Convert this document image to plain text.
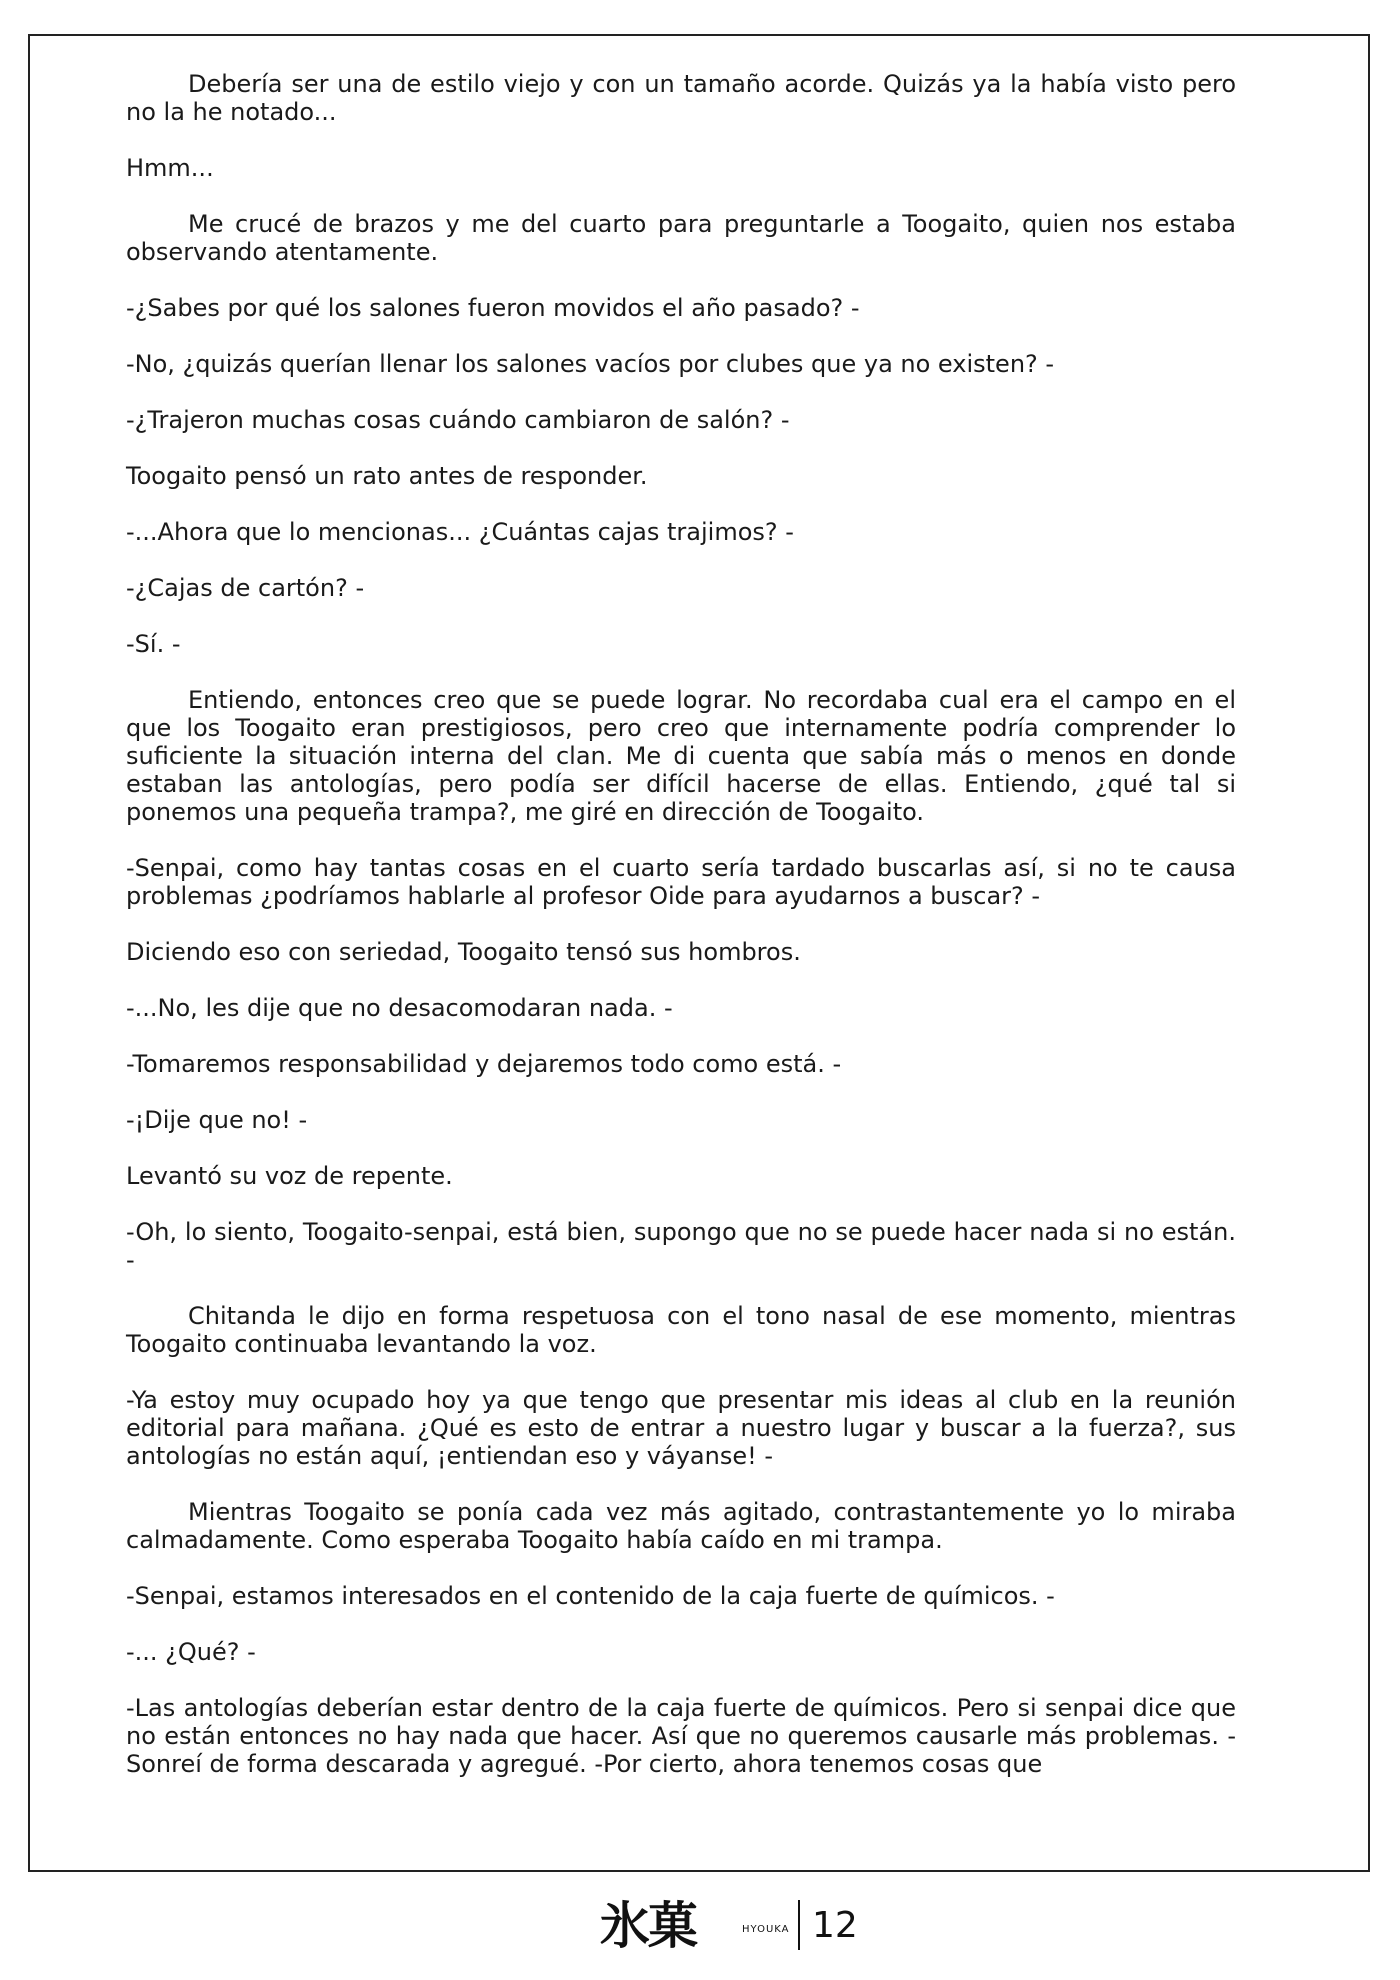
Debería ser una de estilo viejo y con un tamaño acorde. Quizás ya la había visto pero no la he notado...

Hmm...

Me crucé de brazos y me del cuarto para preguntarle a Toogaito, quien nos estaba observando atentamente.

-¿Sabes por qué los salones fueron movidos el año pasado? -

-No, ¿quizás querían llenar los salones vacíos por clubes que ya no existen? -

-¿Trajeron muchas cosas cuándo cambiaron de salón? -

Toogaito pensó un rato antes de responder.

-...Ahora que lo mencionas... ¿Cuántas cajas trajimos? -

-¿Cajas de cartón? -

-Sí. -

Entiendo, entonces creo que se puede lograr. No recordaba cual era el campo en el que los Toogaito eran prestigiosos, pero creo que internamente podría comprender lo suficiente la situación interna del clan. Me di cuenta que sabía más o menos en donde estaban las antologías, pero podía ser difícil hacerse de ellas. Entiendo, ¿qué tal si ponemos una pequeña trampa?, me giré en dirección de Toogaito.

-Senpai, como hay tantas cosas en el cuarto sería tardado buscarlas así, si no te causa problemas ¿podríamos hablarle al profesor Oide para ayudarnos a buscar? -

Diciendo eso con seriedad, Toogaito tensó sus hombros.

-...No, les dije que no desacomodaran nada. -

-Tomaremos responsabilidad y dejaremos todo como está. -

-¡Dije que no! -

Levantó su voz de repente.

-Oh, lo siento, Toogaito-senpai, está bien, supongo que no se puede hacer nada si no están. -

Chitanda le dijo en forma respetuosa con el tono nasal de ese momento, mientras Toogaito continuaba levantando la voz.

-Ya estoy muy ocupado hoy ya que tengo que presentar mis ideas al club en la reunión editorial para mañana. ¿Qué es esto de entrar a nuestro lugar y buscar a la fuerza?, sus antologías no están aquí, ¡entiendan eso y váyanse! -

Mientras Toogaito se ponía cada vez más agitado, contrastantemente yo lo miraba calmadamente. Como esperaba Toogaito había caído en mi trampa.

-Senpai, estamos interesados en el contenido de la caja fuerte de químicos. -

-... ¿Qué? -

-Las antologías deberían estar dentro de la caja fuerte de químicos. Pero si senpai dice que no están entonces no hay nada que hacer. Así que no queremos causarle más problemas. - Sonreí de forma descarada y agregué. -Por cierto, ahora tenemos cosas que

氷菓	HYOUKA 12
